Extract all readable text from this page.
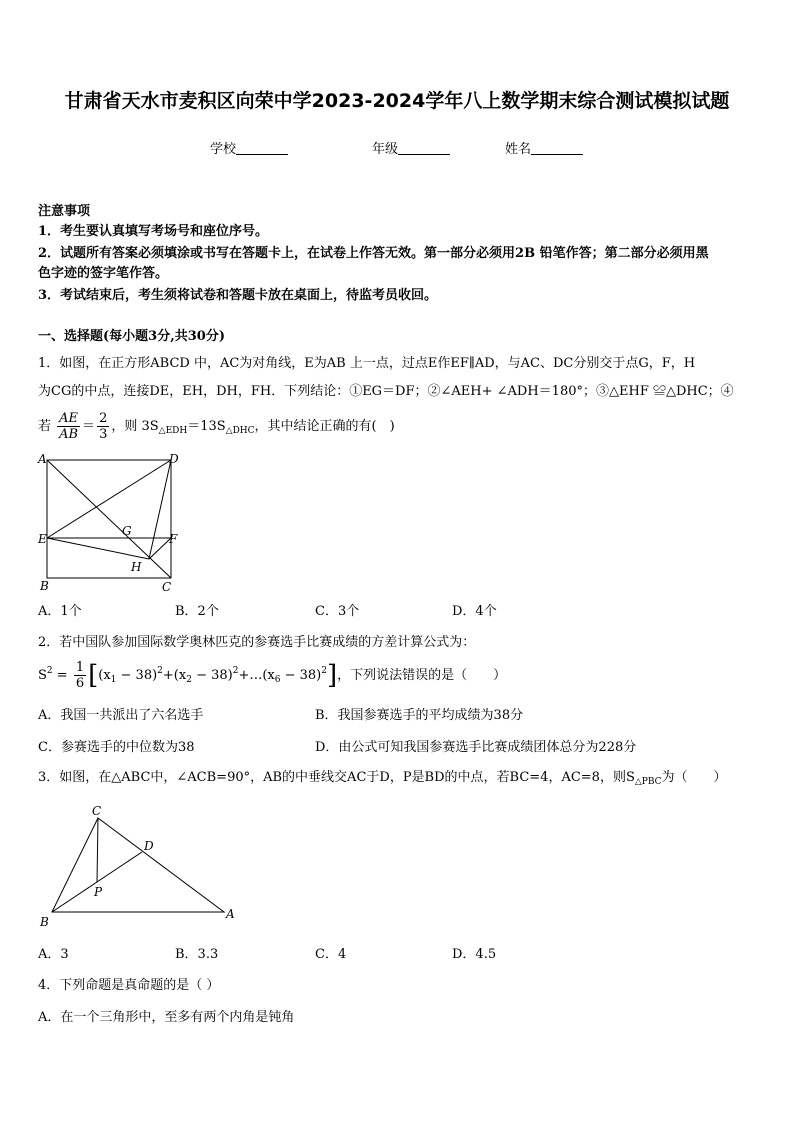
甘肃省天水市麦积区向荣中学2023-2024学年八上数学期末综合测试模拟试题
学校	年级	姓名
注意事项
1．考生要认真填写考场号和座位序号。
2．试题所有答案必须填涂或书写在答题卡上，在试卷上作答无效。第一部分必须用2B 铅笔作答；第二部分必须用黑
色字迹的签字笔作答。
3．考试结束后，考生须将试卷和答题卡放在桌面上，待监考员收回。
一、选择题(每小题3分,共30分)
1．如图，在正方形ABCD 中，AC为对角线，E为AB 上一点，过点E作EF∥AD，与AC、DC分别交于点G，F，H
为CG的中点，连接DE，EH，DH，FH．下列结论：①EG＝DF；②∠AEH+ ∠ADH＝180°；③△EHF ≌△DHC；④
若 $\frac{AE}{AB} = \frac{2}{3}$ ，则 $3S_{\triangle EDH}=13S_{\triangle DHC}$，其中结论正确的有(　)
A	D
E	F
G
H
B	C
A．1个	B．2个	C．3个	D．4个
2．若中国队参加国际数学奥林匹克的参赛选手比赛成绩的方差计算公式为：
$S^2 = \frac{1}{6} [(x_1 - 38)^2+(x_2$ − $38)^2+\dots(x_6 - 38)^2$]，下列说法错误的是（　　）
A．我国一共派出了六名选手	B．我国参赛选手的平均成绩为38分
C．参赛选手的中位数为38	D．由公式可知我国参赛选手比赛成绩团体总分为228分
3．如图，在△ABC中，∠ACB=90°，AB的中垂线交AC于D，P是BD的中点，若BC=4，AC=8，则$S_{\triangle PBC}$为（　　）
C
D
P
B
A
A．3	B．3.3	C．4	D．4.5
4．下列命题是真命题的是（ ）
A．在一个三角形中，至多有两个内角是钝角
